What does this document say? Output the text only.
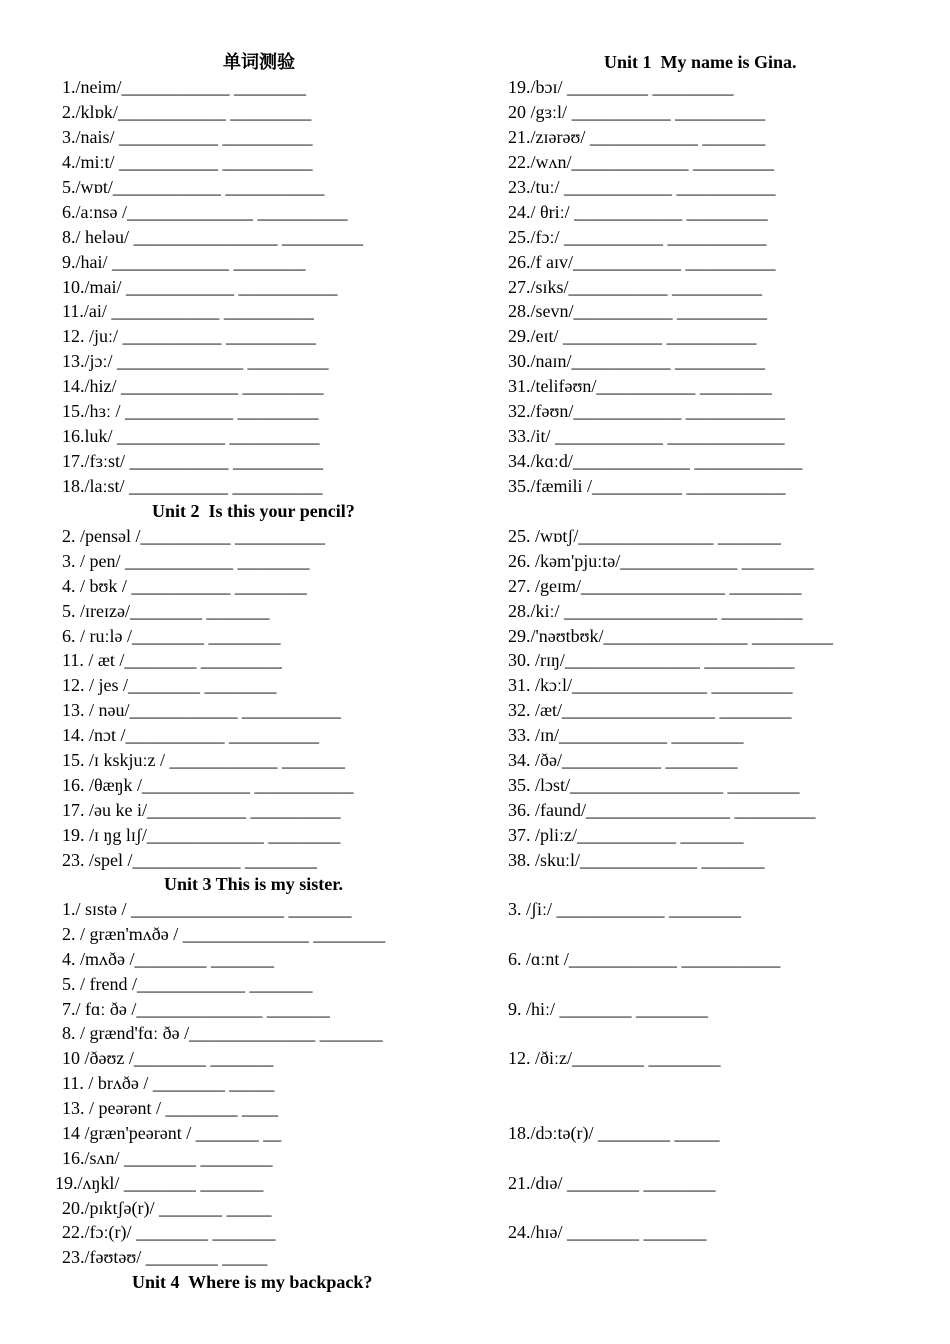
单词测验	Unit 1  My name is Gina.
1./neim/____________ ________
2./klɒk/____________ _________
3./nais/ ___________ __________
4./miːt/ ___________ __________
5./wɒt/____________ ___________
6./aːnsə /______________ __________
8./ heləu/ ________________ _________
9./hai/ _____________ ________
10./mai/ ____________ ___________
11./ai/ ____________ __________
12. /juː/ ___________ __________
13./jɔː/ ______________ _________
14./hiz/ _____________ _________
15./hɜː / ____________ _________
16.luk/ ____________ __________
17./fɜːst/ ___________ __________
18./laːst/ ___________ __________
19./bɔɪ/ _________ _________
20 /gɜːl/ ___________ __________
21./zɪərəʊ/ ____________ _______
22./wʌn/_____________ _________
23./tuː/ ____________ ___________
24./ θriː/ ____________ _________
25./fɔː/ ___________ ___________
26./f aɪv/____________ __________
27./sɪks/___________ __________
28./sevn/___________ __________
29./eɪt/ ___________ __________
30./naɪn/___________ __________
31./telifəʊn/___________ ________
32./fəʊn/____________ ___________
33./it/ ____________ _____________
34./kɑːd/_____________ ____________
35./fæmili /__________ ___________
Unit 2  Is this your pencil?
2. /pensəl /__________ __________
3. / pen/ ____________ ________
4. / bʊk / ___________ ________
5. /ɪreɪzə/________ _______
6. / ruːlə /________ ________
11. / æt /________ _________
12. / jes /________ ________
13. / nəu/____________ ___________
14. /nɔt /___________ __________
15. /ɪ kskjuːz / ____________ _______
16. /θæŋk /____________ ___________
17. /əu ke i/___________ __________
19. /ɪ ŋg lɪʃ/_____________ ________
23. /spel /____________ ________
25. /wɒtʃ/_______________ _______
26. /kəm'pjuːtə/_____________ ________
27. /geɪm/________________ ________
28./kiː/ _________________ _________
29./'nəʊtbʊk/________________ _________
30. /rɪŋ/_______________ __________
31. /kɔːl/_______________ _________
32. /æt/_________________ ________
33. /ɪn/____________ ________
34. /ðə/___________ ________
35. /lɔst/_________________ ________
36. /faund/________________ _________
37. /pliːz/___________ _______
38. /skuːl/_____________ _______
Unit 3 This is my sister.
1./ sɪstə / _________________ _______
2. / græn'mʌðə / ______________ ________
4. /mʌðə /________ _______
5. / frend /____________ _______
7./ fɑː ðə /______________ _______
8. / grænd'fɑː ðə /______________ _______
10 /ðəʊz /________ _______
11. / brʌðə / ________ _____
13. / peərənt / ________ ____
14 /græn'peərənt / _______ __
16./sʌn/ ________ ________
19./ʌŋkl/ ________ _______
20./pɪktʃə(r)/ _______ _____
22./fɔː(r)/ ________ _______
23./fəʊtəʊ/ ________ _____
3. /ʃiː/ ____________ ________
6. /ɑːnt /____________ ___________
9. /hiː/ ________ ________
12. /ðiːz/________ ________
18./dɔːtə(r)/ ________ _____
21./dɪə/ ________ ________
24./hɪə/ ________ _______
Unit 4  Where is my backpack?
